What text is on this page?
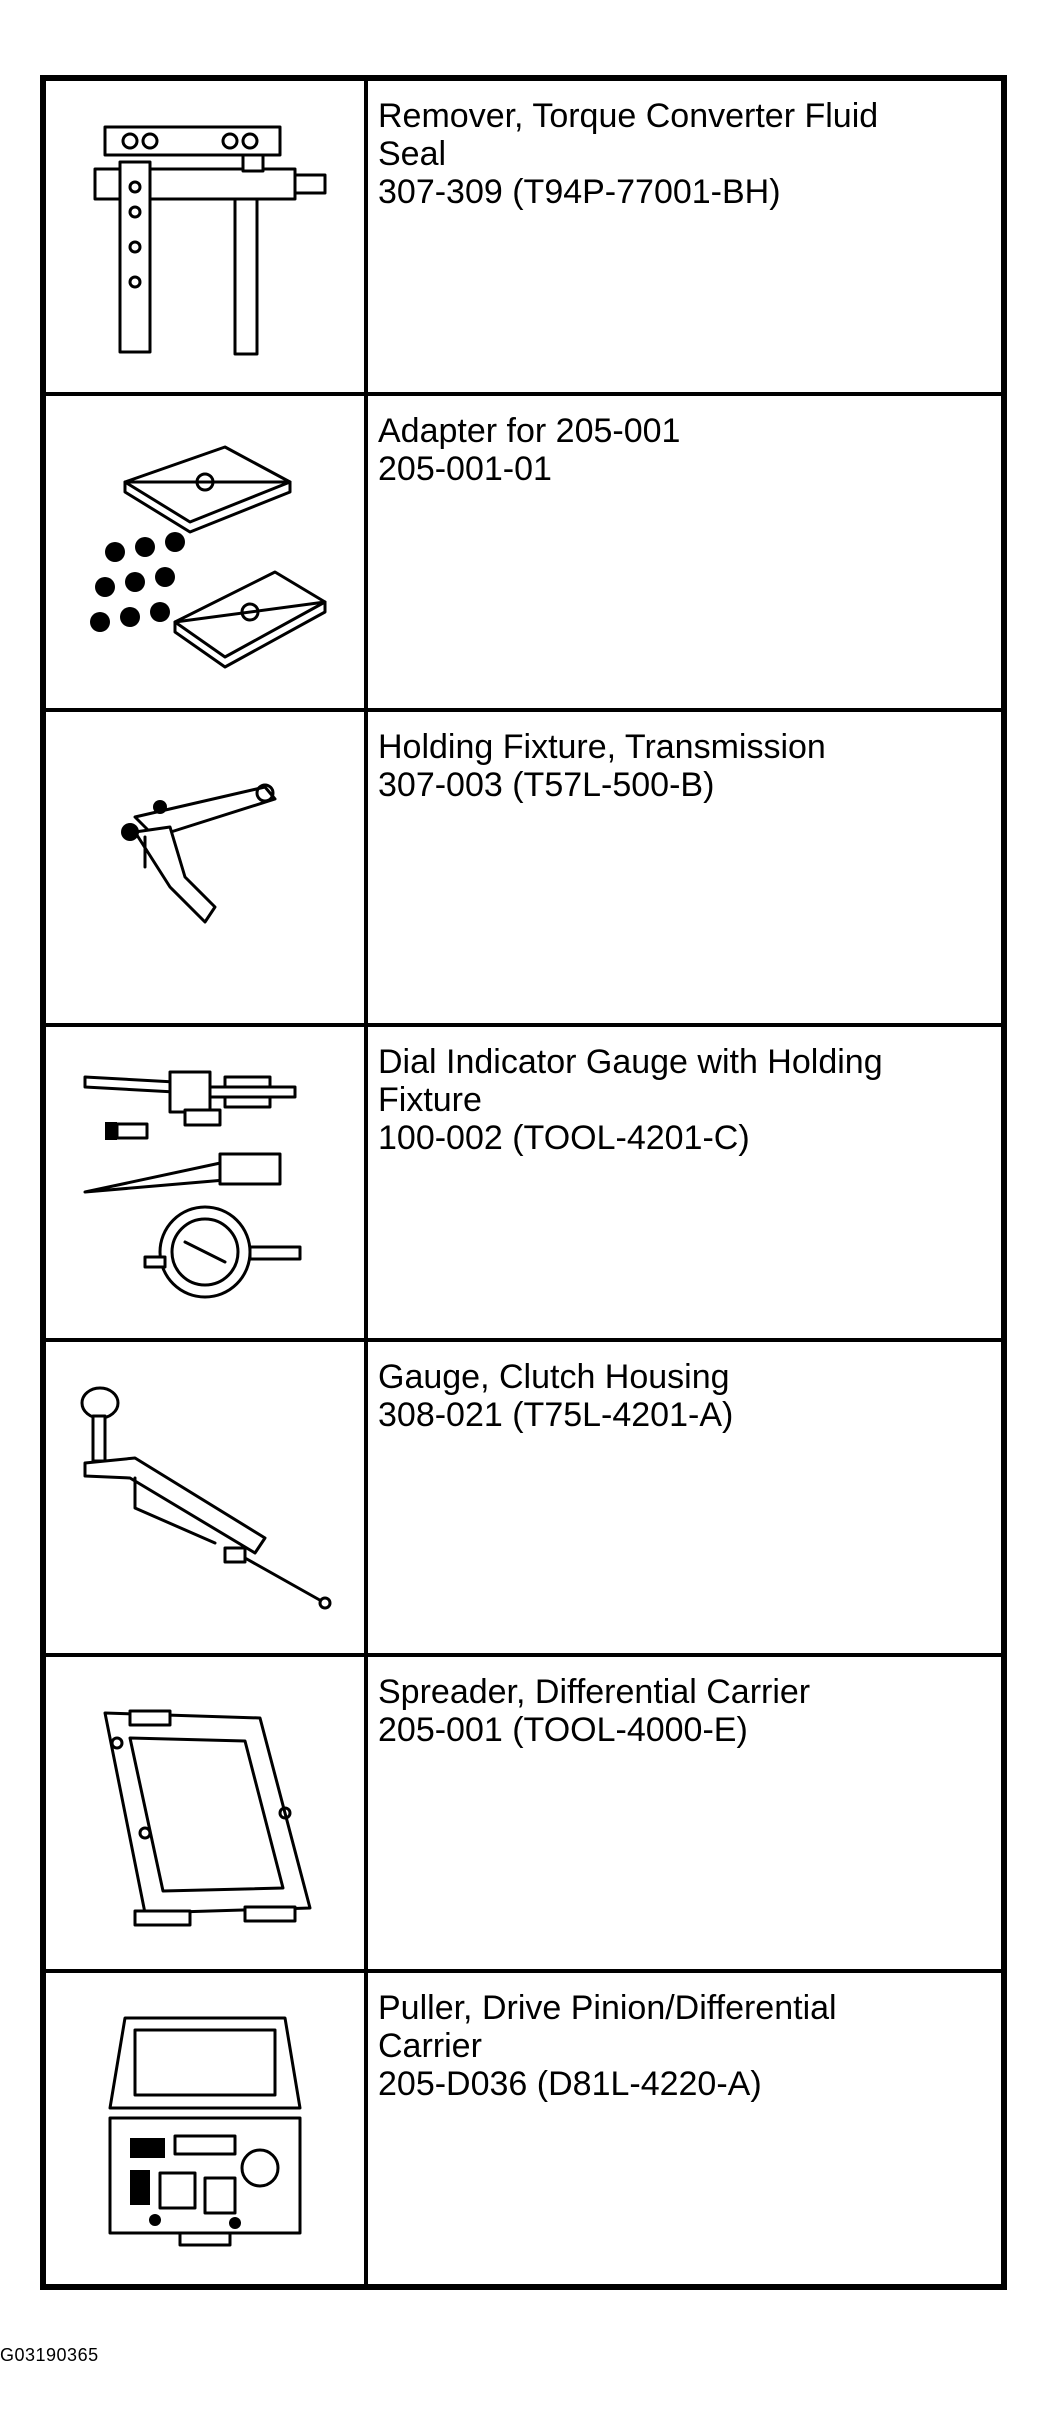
Remover, Torque Converter Fluid
Seal
307-309 (T94P-77001-BH)
Adapter for 205-001
205-001-01
Holding Fixture, Transmission
307-003 (T57L-500-B)
Dial Indicator Gauge with Holding
Fixture
100-002 (TOOL-4201-C)
Gauge, Clutch Housing
308-021 (T75L-4201-A)
Spreader, Differential Carrier
205-001 (TOOL-4000-E)
Puller, Drive Pinion/Differential
Carrier
205-D036 (D81L-4220-A)
G03190365
